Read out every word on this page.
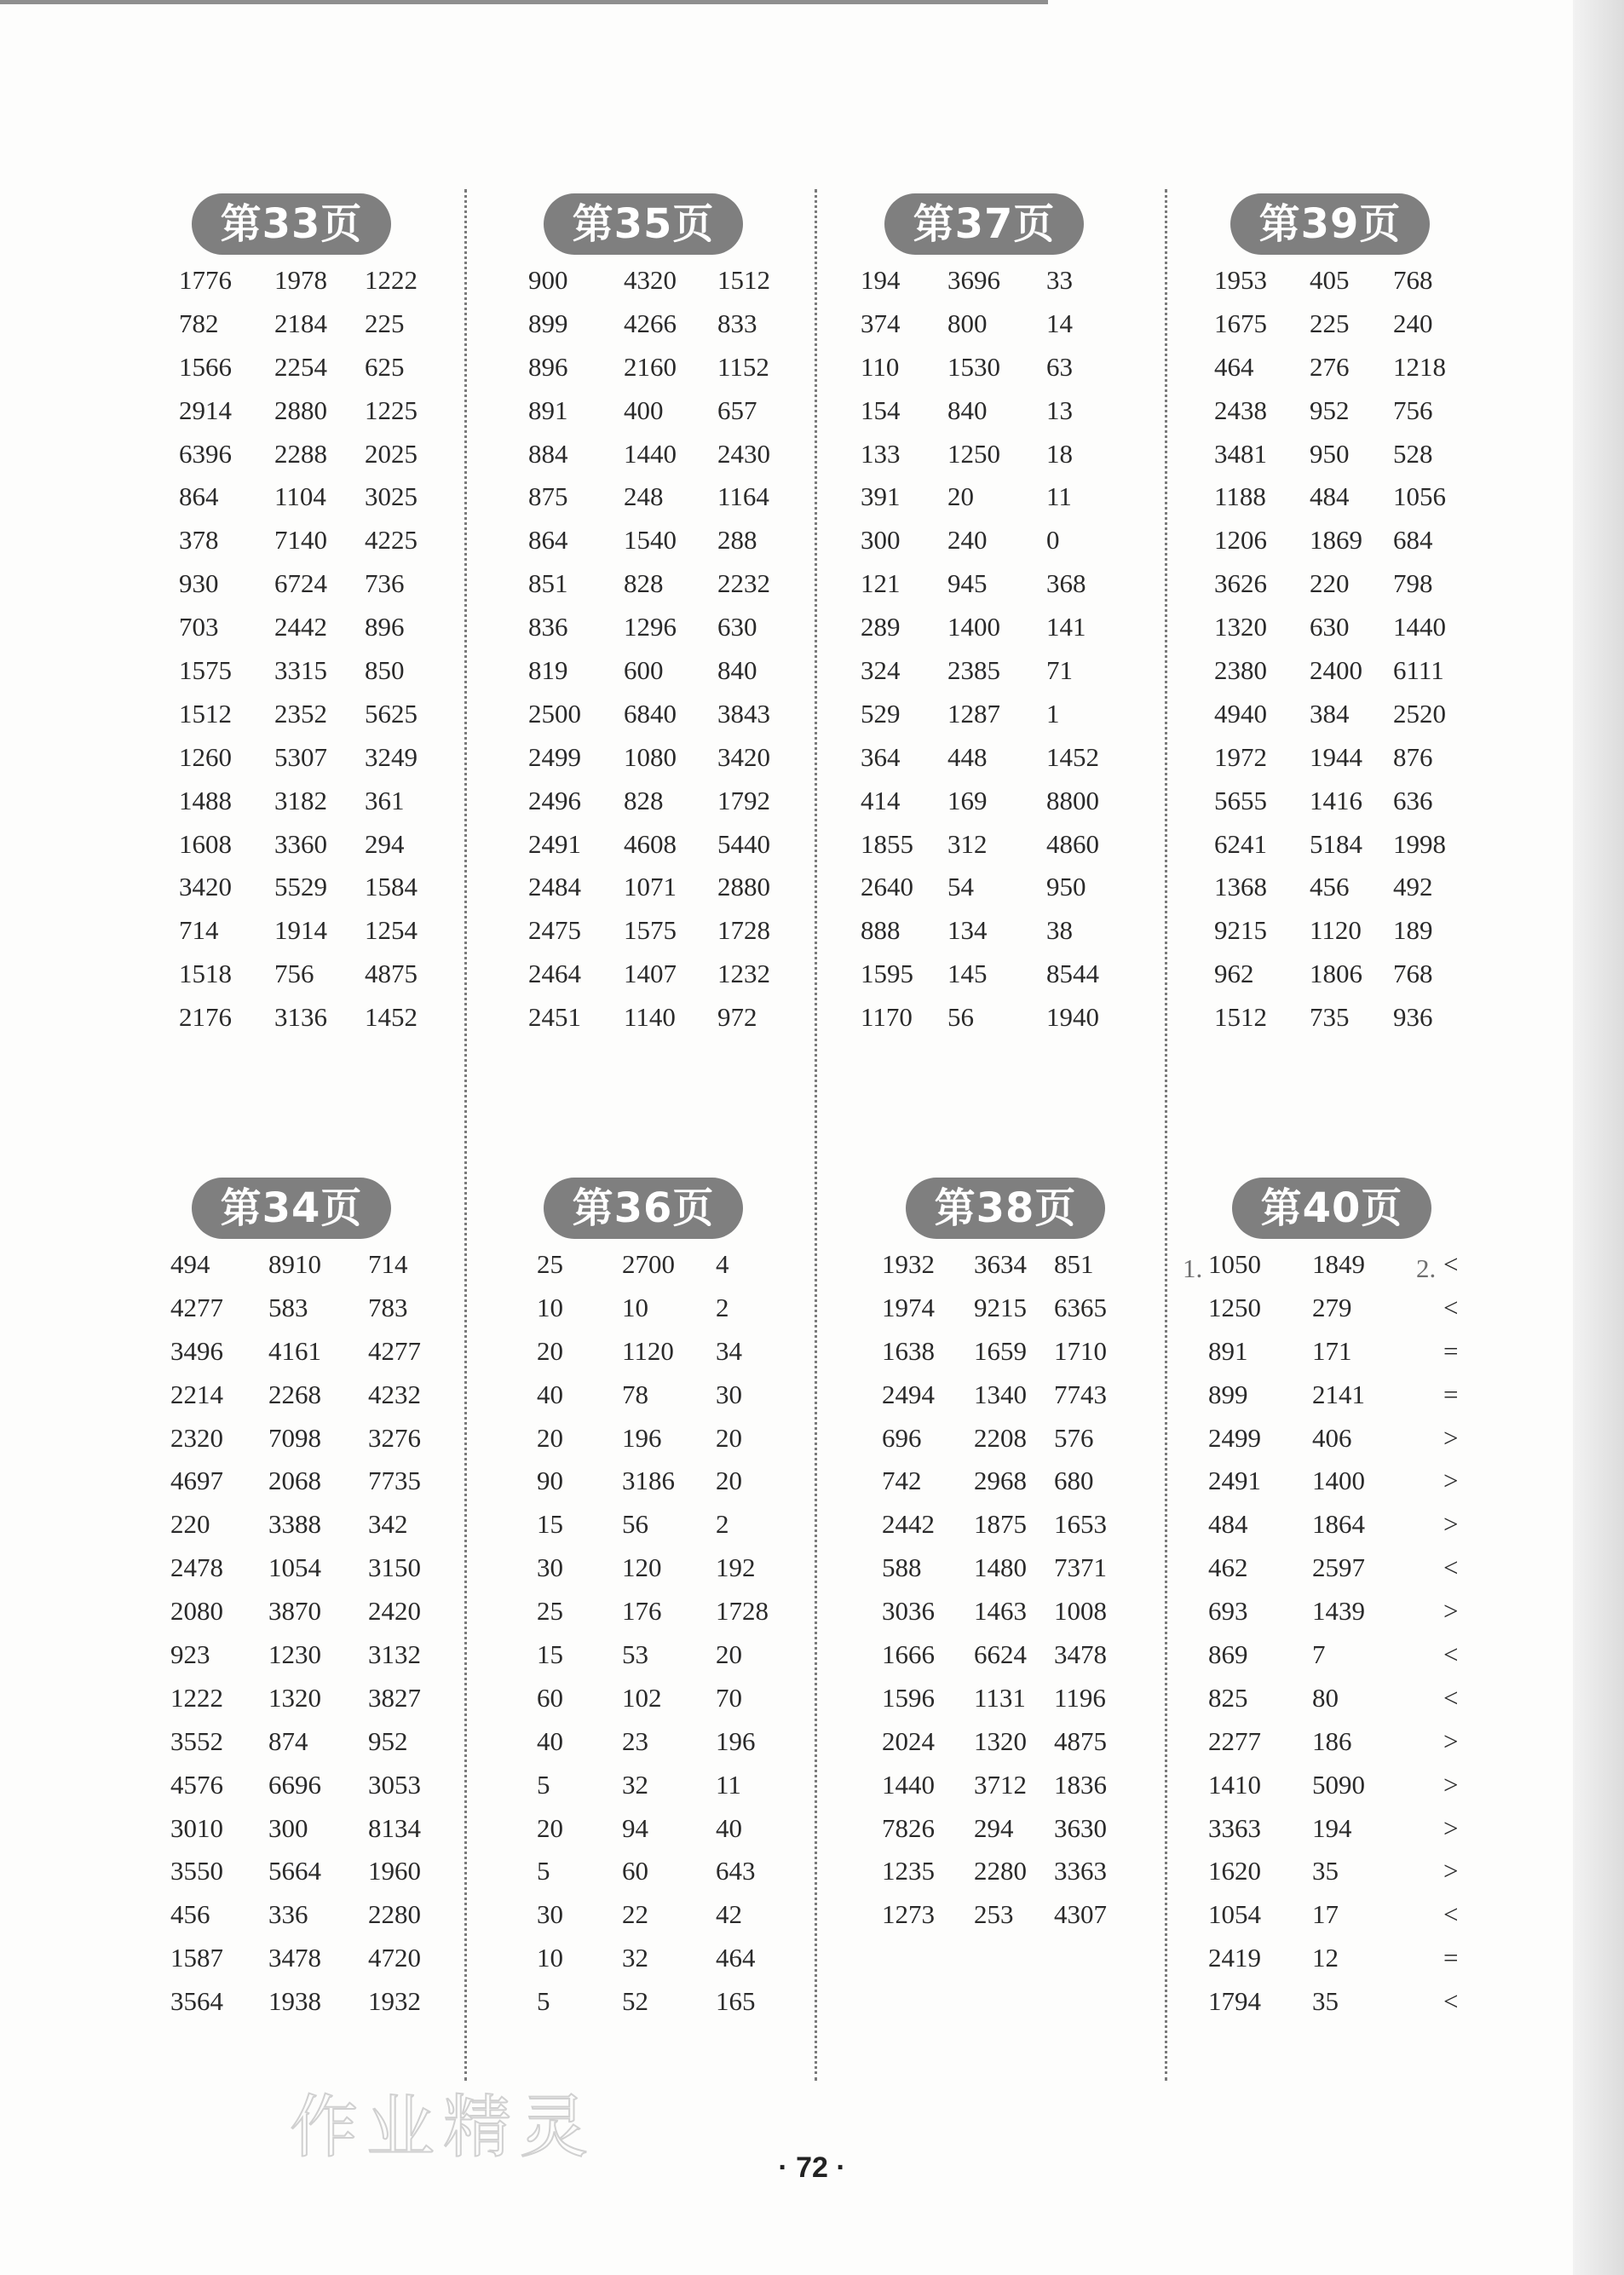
第33页
1776 1978 1222
782 2184 225
1566 2254 625
2914 2880 1225
6396 2288 2025
864 1104 3025
378 7140 4225
930 6724 736
703 2442 896
1575 3315 850
1512 2352 5625
1260 5307 3249
1488 3182 361
1608 3360 294
3420 5529 1584
714 1914 1254
1518 756 4875
2176 3136 1452
第35页
900 4320 1512
899 4266 833
896 2160 1152
891 400 657
884 1440 2430
875 248 1164
864 1540 288
851 828 2232
836 1296 630
819 600 840
2500 6840 3843
2499 1080 3420
2496 828 1792
2491 4608 5440
2484 1071 2880
2475 1575 1728
2464 1407 1232
2451 1140 972
第37页
194 3696 33
374 800 14
110 1530 63
154 840 13
133 1250 18
391 20	11
300 240 0
121 945 368
289 1400 141
324 2385 71
529 1287 1
364 448 1452
414 169 8800
1855 312 4860
2640 54	950
888 134 38
1595 145 8544
1170 56	1940
第39页
1953 405 768
1675 225 240
464 276 1218
2438 952 756
3481 950 528
1188 484 1056
1206 1869 684
3626 220 798
1320 630 1440
2380 2400 6111
4940 384 2520
1972 1944 876
5655 1416 636
6241 5184 1998
1368 456 492
9215 1120 189
962 1806 768
1512 735 936
第34页
494 8910 714
4277 583 783
3496 4161 4277
2214 2268 4232
2320 7098 3276
4697 2068 7735
220 3388 342
2478 1054 3150
2080 3870 2420
923 1230 3132
1222 1320 3827
3552 874 952
4576 6696 3053
3010 300 8134
3550 5664 1960
456 336 2280
1587 3478 4720
3564 1938 1932
第36页
25 2700 4
10 10	2
20 1120 34
40 78	30
20 196 20
90 3186 20
15 56	2
30 120 192
25 176 1728
15 53	20
60 102 70
40 23	196
5	32	11
20 94	40
5	60	643
30 22	42
10 32	464
5	52	165
第38页
1932 3634 851
1974 9215 6365
1638 1659 1710
2494 1340 7743
696 2208 576
742 2968 680
2442 1875 1653
588 1480 7371
3036 1463 1008
1666 6624 3478
1596 1131 1196
2024 1320 4875
1440 3712 1836
7826 294 3630
1235 2280 3363
1273 253 4307
第40页
1.	2.
1050 1849	<
1250 279	<
891 171	=
899 2141	=
2499 406	>
2491 1400	>
484 1864	>
462 2597	<
693 1439	>
869 7	<
825 80	<
2277 186	>
1410 5090	>
3363 194	>
1620 35	>
1054 17	<
2419 12	=
1794 35	<
作业精灵
· 72 ·
